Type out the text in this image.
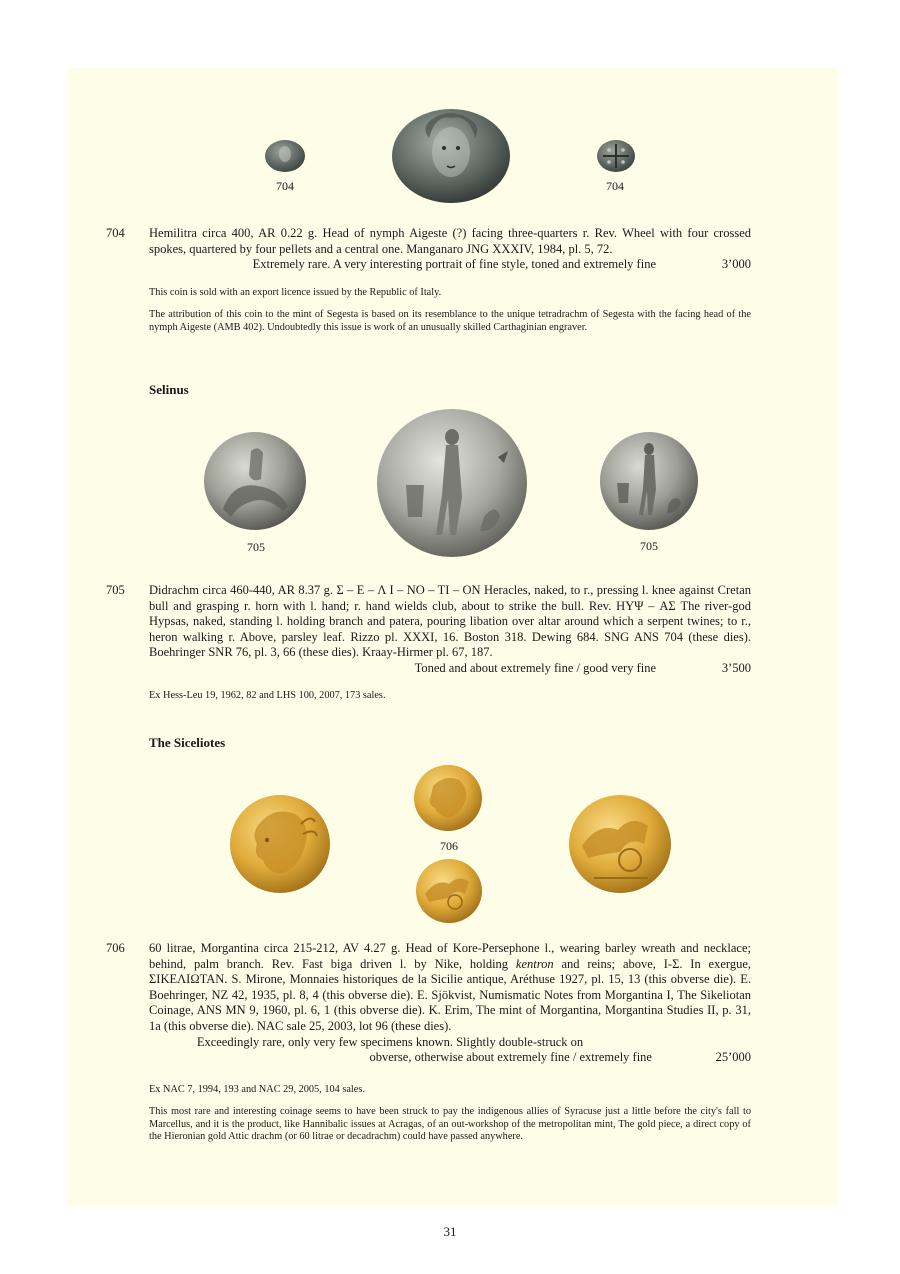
704	704
704 Hemilitra circa 400, AR 0.22 g. Head of nymph Aigeste (?) facing three-quarters r. Rev. Wheel with four crossed spokes, quartered by four pellets and a central one. Manganaro JNG XXXIV, 1984, pl. 5, 72.

Extremely rare. A very interesting portrait of fine style, toned and extremely fine	3’000
This coin is sold with an export licence issued by the Republic of Italy.
The attribution of this coin to the mint of Segesta is based on its resemblance to the unique tetradrachm of Segesta with the facing head of the nymph Aigeste (AMB 402). Undoubtedly this issue is work of an unusually skilled Carthaginian engraver.
Selinus
705	705
705 Didrachm circa 460-440, AR 8.37 g. Σ – E – Λ I – NO – TI – ON Heracles, naked, to r., pressing l. knee against Cretan bull and grasping r. horn with l. hand; r. hand wields club, about to strike the bull. Rev. HYΨ – AΣ The river-god Hypsas, naked, standing l. holding branch and patera, pouring libation over altar around which a serpent twines; to r., heron walking r. Above, parsley leaf. Rizzo pl. XXXI, 16. Boston 318. Dewing 684. SNG ANS 704 (these dies). Boehringer SNR 76, pl. 3, 66 (these dies). Kraay-Hirmer pl. 67, 187.

Toned and about extremely fine / good very fine	3’500
Ex Hess-Leu 19, 1962, 82 and LHS 100, 2007, 173 sales.
The Siceliotes
706
706 60 litrae, Morgantina circa 215-212, AV 4.27 g. Head of Kore-Persephone l., wearing barley wreath and necklace; behind, palm branch. Rev. Fast biga driven l. by Nike, holding kentron and reins; above, I-Σ. In exergue, ΣIKEΛIΩTAN. S. Mirone, Monnaies historiques de la Sicilie antique, Aréthuse 1927, pl. 15, 13 (this obverse die). E. Boehringer, NZ 42, 1935, pl. 8, 4 (this obverse die). E. Sjökvist, Numismatic Notes from Morgantina I, The Sikeliotan Coinage, ANS MN 9, 1960, pl. 6, 1 (this obverse die). K. Erim, The mint of Morgantina, Morgantina Studies II, p. 31, 1a (this obverse die). NAC sale 25, 2003, lot 96 (these dies).

Exceedingly rare, only very few specimens known. Slightly double-struck on
obverse, otherwise about extremely fine / extremely fine	25’000
Ex NAC 7, 1994, 193 and NAC 29, 2005, 104 sales.
This most rare and interesting coinage seems to have been struck to pay the indigenous allies of Syracuse just a little before the city's fall to Marcellus, and it is the product, like Hannibalic issues at Acragas, of an out-workshop of the metropolitan mint, The gold piece, a direct copy of the Hieronian gold Attic drachm (or 60 litrae or decadrachm) could have passed anywhere.
31
